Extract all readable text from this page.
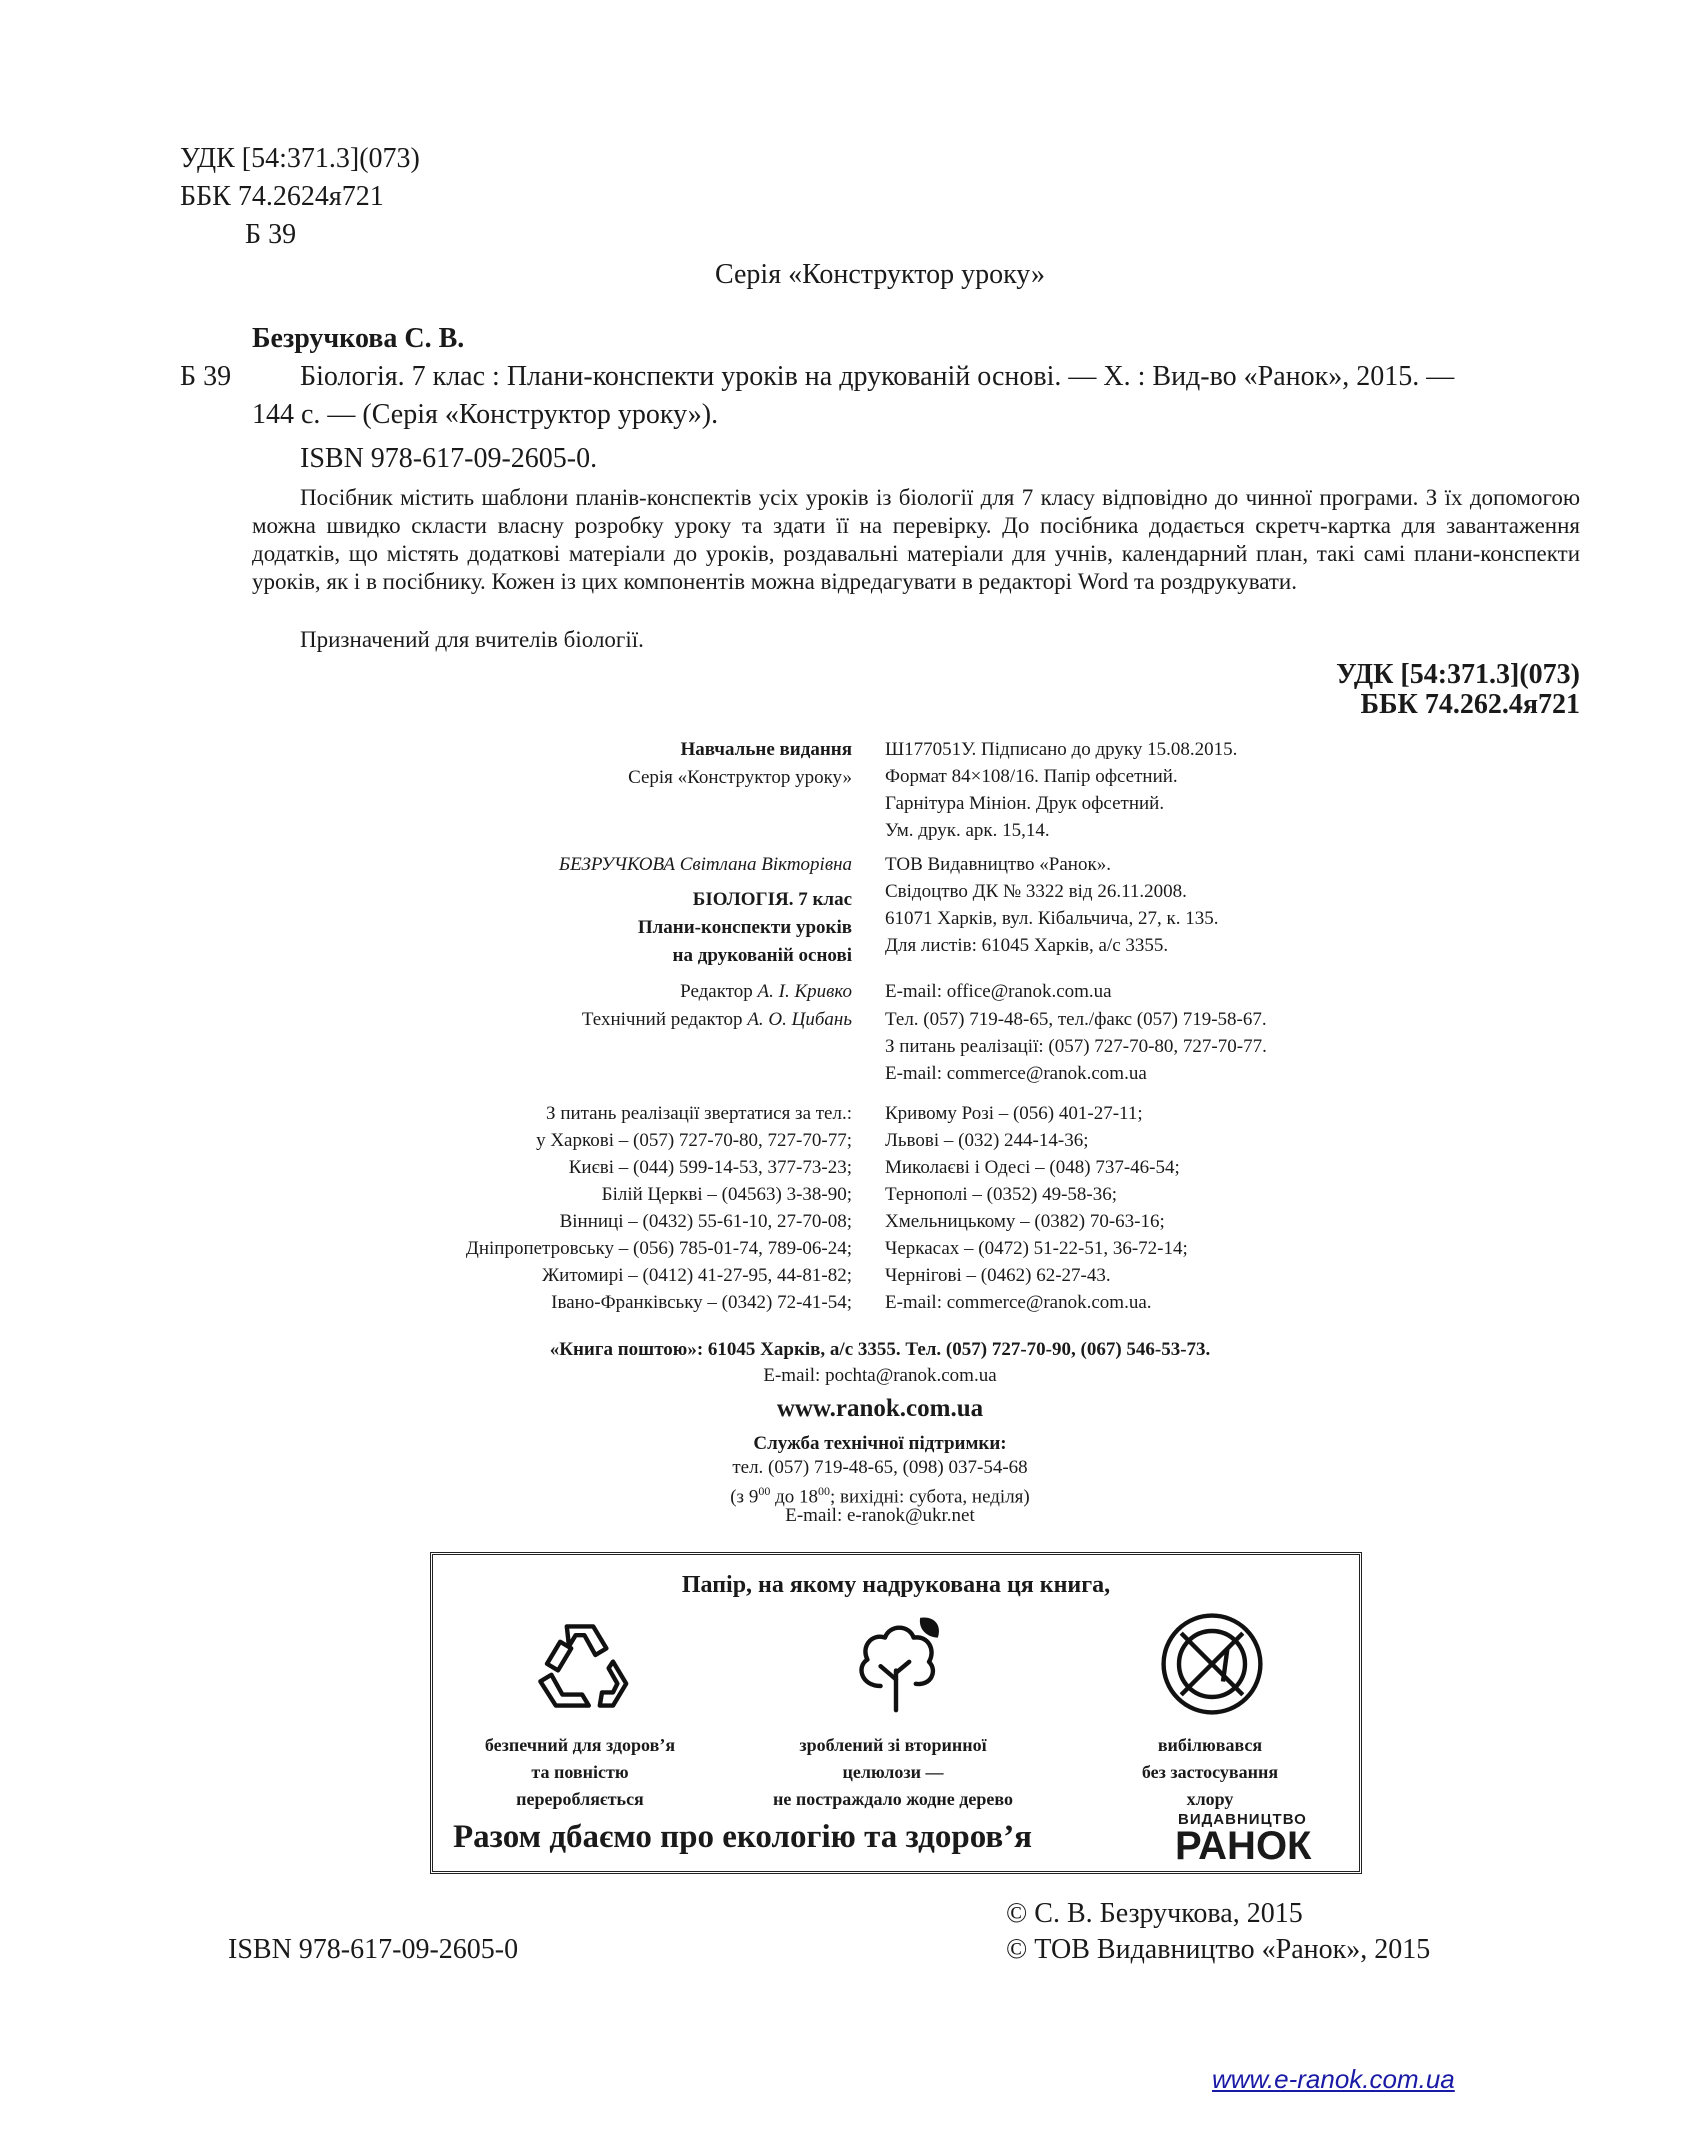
УДК [54:371.3](073)
ББК 74.2624я721
Б 39
Серія «Конструктор уроку»
Безручкова С. В.
Б 39 Біологія. 7 клас : Плани-конспекти уроків на друкованій основі. — Х. : Вид-во «Ранок», 2015. —
144 с. — (Серія «Конструктор уроку»).
ISBN 978-617-09-2605-0.
Посібник містить шаблони планів-конспектів усіх уроків із біології для 7 класу відповідно до чинної програми. З їх допомогою можна швидко скласти власну розробку уроку та здати її на перевірку. До посібника додається скретч-картка для завантаження додатків, що містять додаткові матеріали до уроків, роздавальні матеріали для учнів, календарний план, такі самі плани-конспекти уроків, як і в посібнику. Кожен із цих компонентів можна відредагувати в редакторі Word та роздрукувати.
Призначений для вчителів біології.
УДК [54:371.3](073)
ББК 74.262.4я721
Навчальне видання
Серія «Конструктор уроку»
БЕЗРУЧКОВА Світлана Вікторівна
БІОЛОГІЯ. 7 клас
Плани-конспекти уроків
на друкованій основі
Редактор А. І. Кривко
Технічний редактор А. О. Цибань
Ш177051У. Підписано до друку 15.08.2015.
Формат 84×108/16. Папір офсетний.
Гарнітура Мініон. Друк офсетний.
Ум. друк. арк. 15,14.
ТОВ Видавництво «Ранок».
Свідоцтво ДК № 3322 від 26.11.2008.
61071 Харків, вул. Кібальчича, 27, к. 135.
Для листів: 61045 Харків, а/с 3355.
E-mail: office@ranok.com.ua
Тел. (057) 719-48-65, тел./факс (057) 719-58-67.
З питань реалізації: (057) 727-70-80, 727-70-77.
E-mail: commerce@ranok.com.ua
З питань реалізації звертатися за тел.:
у Харкові – (057) 727-70-80, 727-70-77;
Києві – (044) 599-14-53, 377-73-23;
Білій Церкві – (04563) 3-38-90;
Вінниці – (0432) 55-61-10, 27-70-08;
Дніпропетровську – (056) 785-01-74, 789-06-24;
Житомирі – (0412) 41-27-95, 44-81-82;
Івано-Франківську – (0342) 72-41-54;
Кривому Розі – (056) 401-27-11;
Львові – (032) 244-14-36;
Миколаєві і Одесі – (048) 737-46-54;
Тернополі – (0352) 49-58-36;
Хмельницькому – (0382) 70-63-16;
Черкасах – (0472) 51-22-51, 36-72-14;
Чернігові – (0462) 62-27-43.
E-mail: commerce@ranok.com.ua.
«Книга поштою»: 61045 Харків, а/с 3355. Тел. (057) 727-70-90, (067) 546-53-73.
E-mail: pochta@ranok.com.ua
www.ranok.com.ua
Служба технічної підтримки:
тел. (057) 719-48-65, (098) 037-54-68
(з $9^{00}$ до $18^{00}$; вихідні: субота, неділя)
E-mail: e-ranok@ukr.net
Папір, на якому надрукована ця книга,
безпечний для здоров’я
та повністю
переробляється
зроблений зі вторинної
целюлози —
не постраждало жодне дерево
вибілювався
без застосування
хлору
Разом дбаємо про екологію та здоров’я	ВИДАВНИЦТВО
РАНОК
ISBN 978-617-09-2605-0
© С. В. Безручкова, 2015
© ТОВ Видавництво «Ранок», 2015
www.e-ranok.com.ua
